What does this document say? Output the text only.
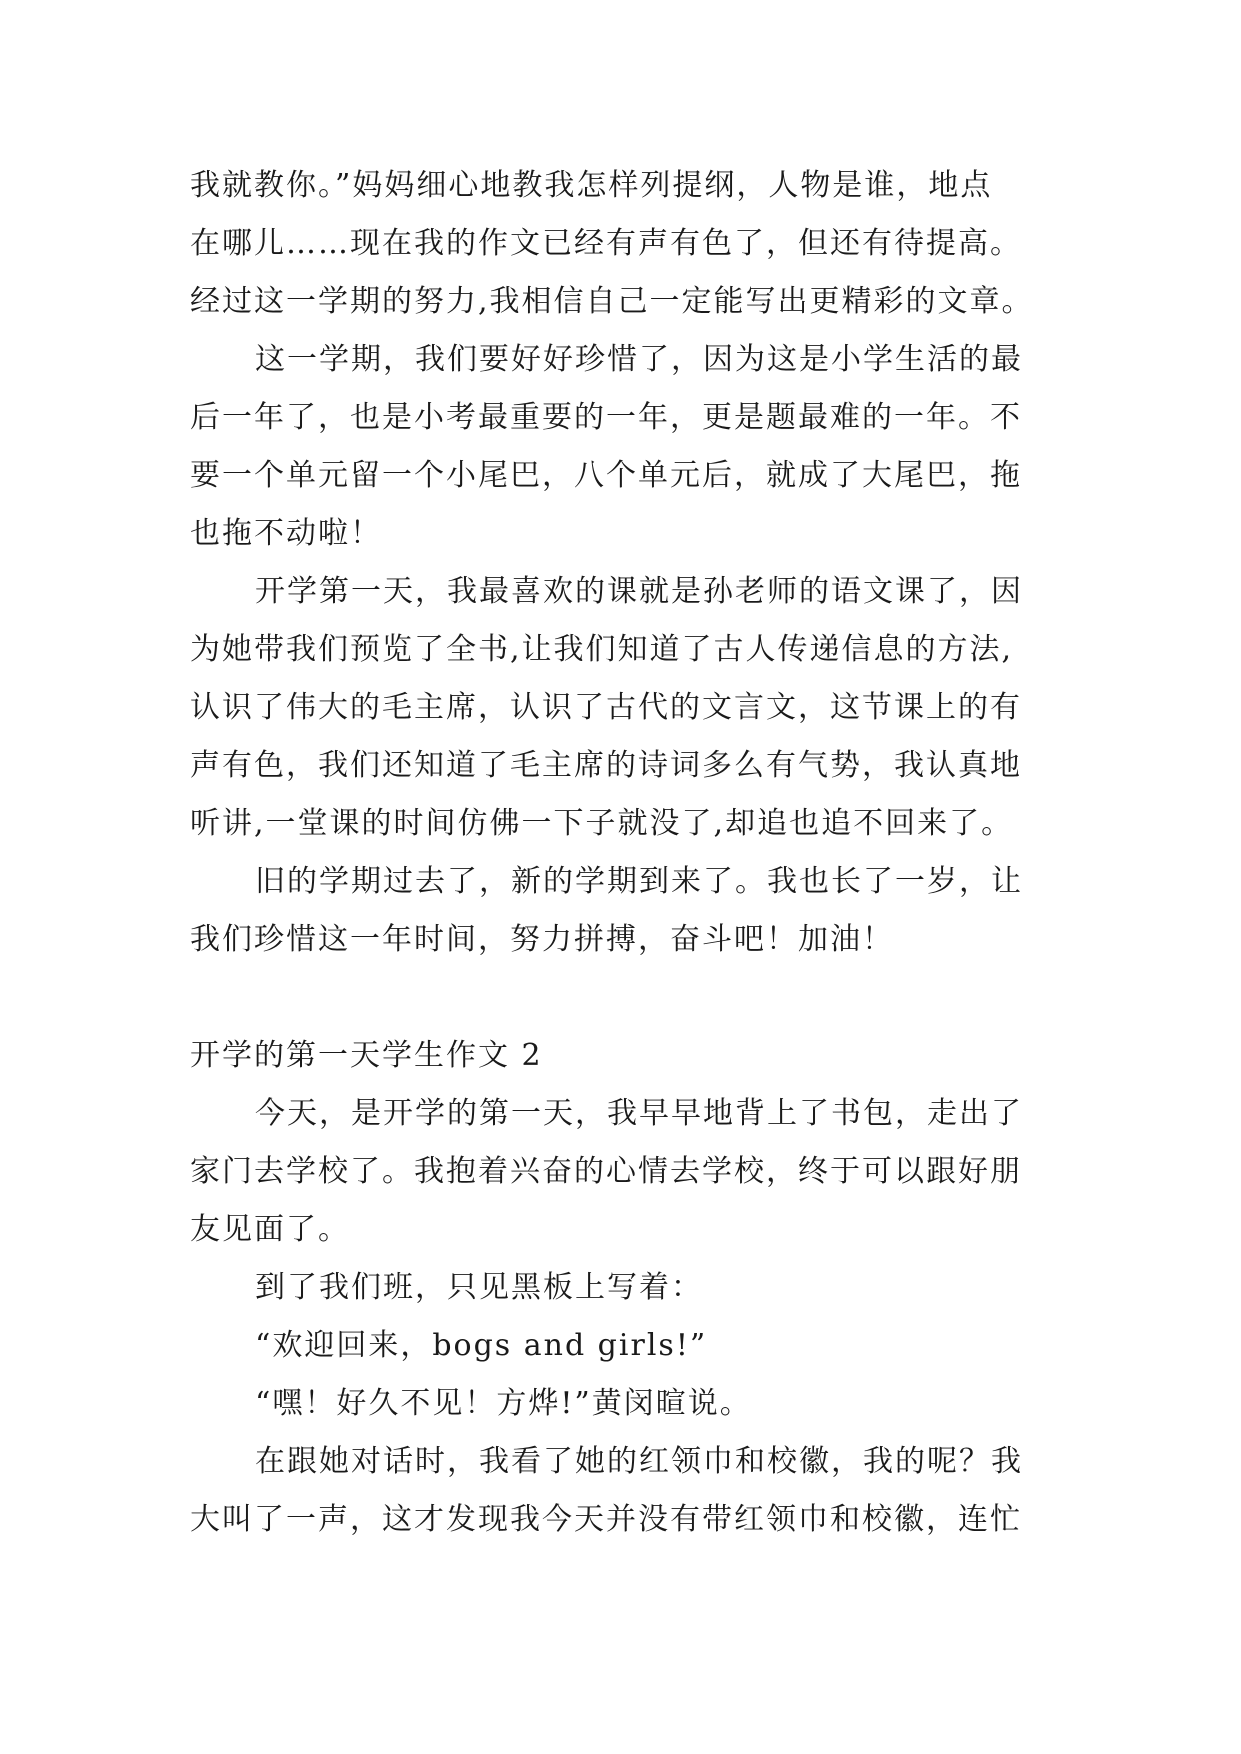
我就教你。”妈妈细心地教我怎样列提纲，人物是谁，地点
在哪儿……现在我的作文已经有声有色了，但还有待提高。
经过这一学期的努力,我相信自己一定能写出更精彩的文章。
这一学期，我们要好好珍惜了，因为这是小学生活的最
后一年了，也是小考最重要的一年，更是题最难的一年。不
要一个单元留一个小尾巴，八个单元后，就成了大尾巴，拖
也拖不动啦！
开学第一天，我最喜欢的课就是孙老师的语文课了，因
为她带我们预览了全书,让我们知道了古人传递信息的方法,
认识了伟大的毛主席，认识了古代的文言文，这节课上的有
声有色，我们还知道了毛主席的诗词多么有气势，我认真地
听讲,一堂课的时间仿佛一下子就没了,却追也追不回来了。
旧的学期过去了，新的学期到来了。我也长了一岁，让
我们珍惜这一年时间，努力拼搏，奋斗吧！加油！
开学的第一天学生作文 2
今天，是开学的第一天，我早早地背上了书包，走出了
家门去学校了。我抱着兴奋的心情去学校，终于可以跟好朋
友见面了。
到了我们班，只见黑板上写着：
“欢迎回来，bogs and girls!”
“嘿！好久不见！方烨!”黄闵暄说。
在跟她对话时，我看了她的红领巾和校徽，我的呢？我
大叫了一声，这才发现我今天并没有带红领巾和校徽，连忙
